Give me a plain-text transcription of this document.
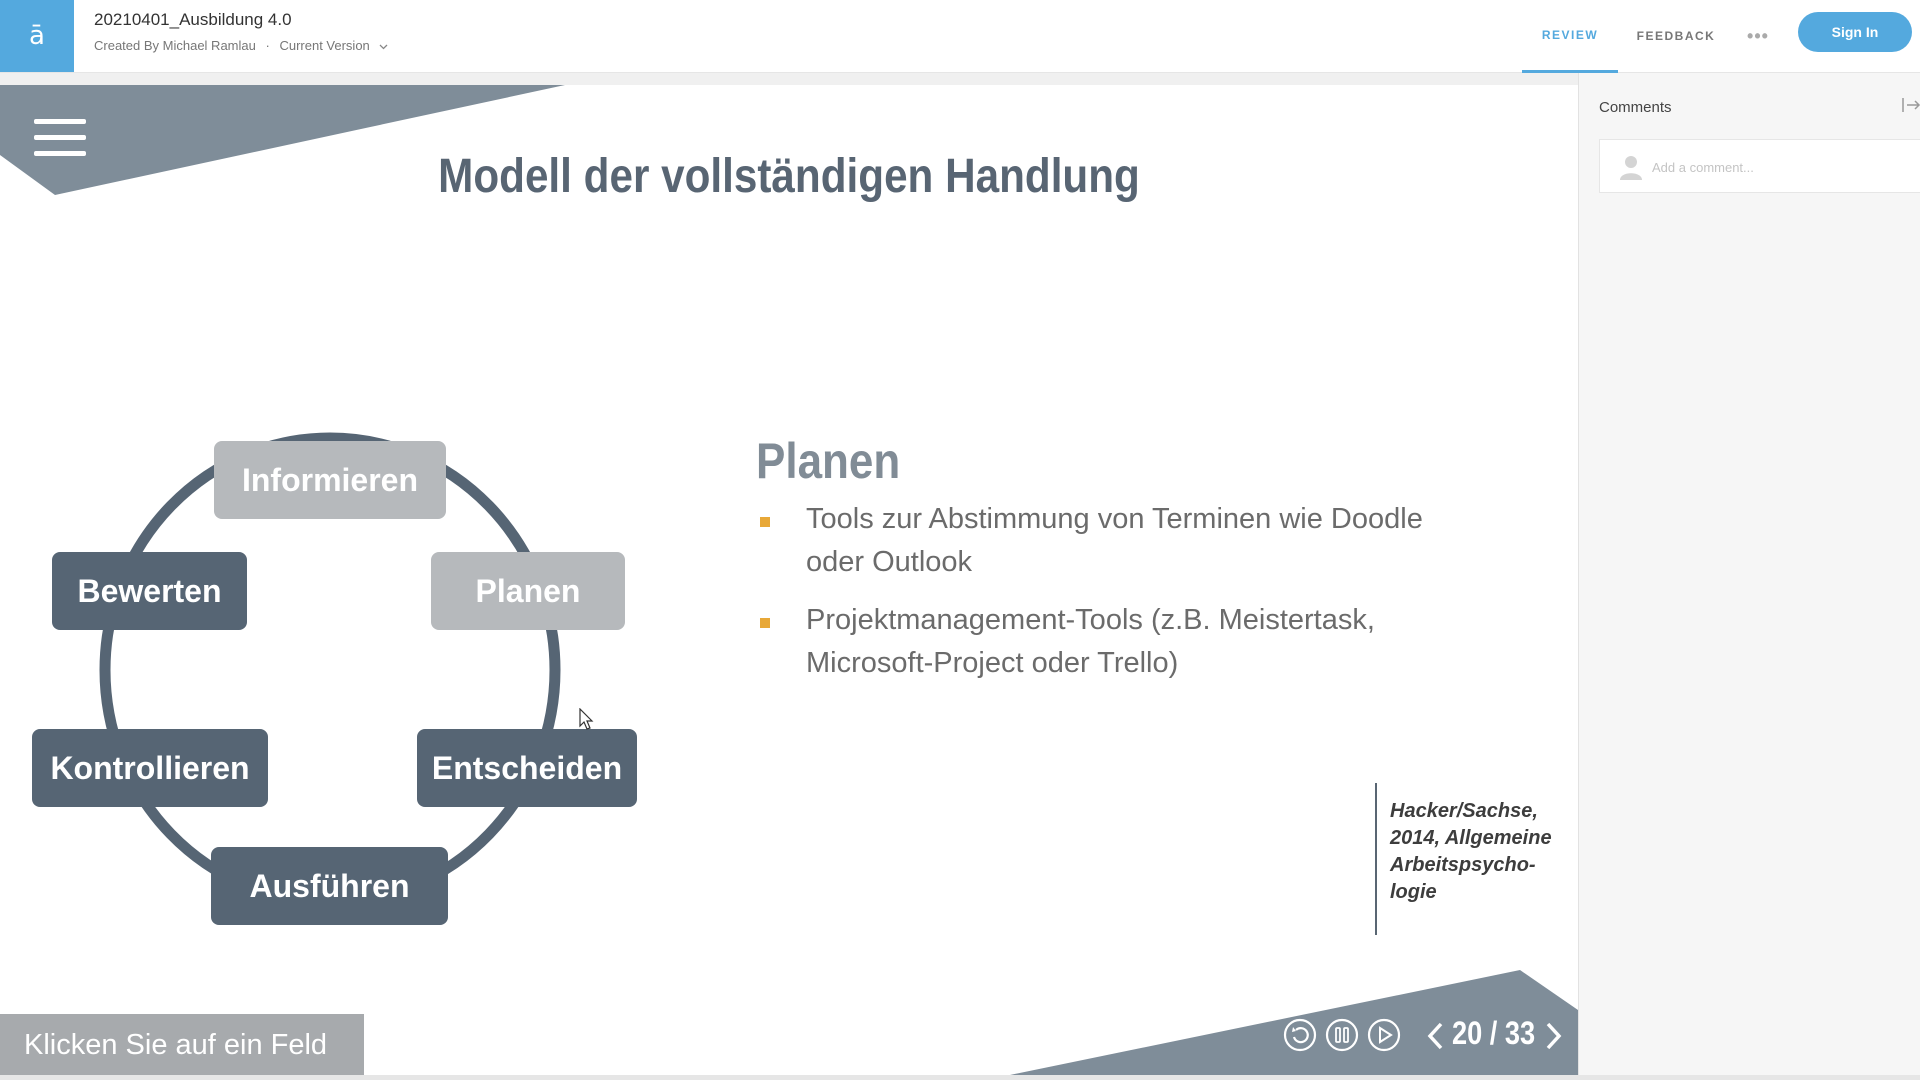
ā
20210401_Ausbildung 4.0
Created By Michael Ramlau · Current Version
REVIEW	FEEDBACK •••	Sign In
Modell der vollständigen Handlung
Informieren
Planen
Entscheiden
Ausführen
Kontrollieren
Bewerten
Planen
Tools zur Abstimmung von Terminen wie Doodle oder Outlook
Projektmanagement-Tools (z.B. Meistertask, Microsoft-Project oder Trello)
Hacker/Sachse, 2014, Allgemeine Arbeitspsycho-logie
Klicken Sie auf ein Feld	20 / 33
Comments
Add a comment...
